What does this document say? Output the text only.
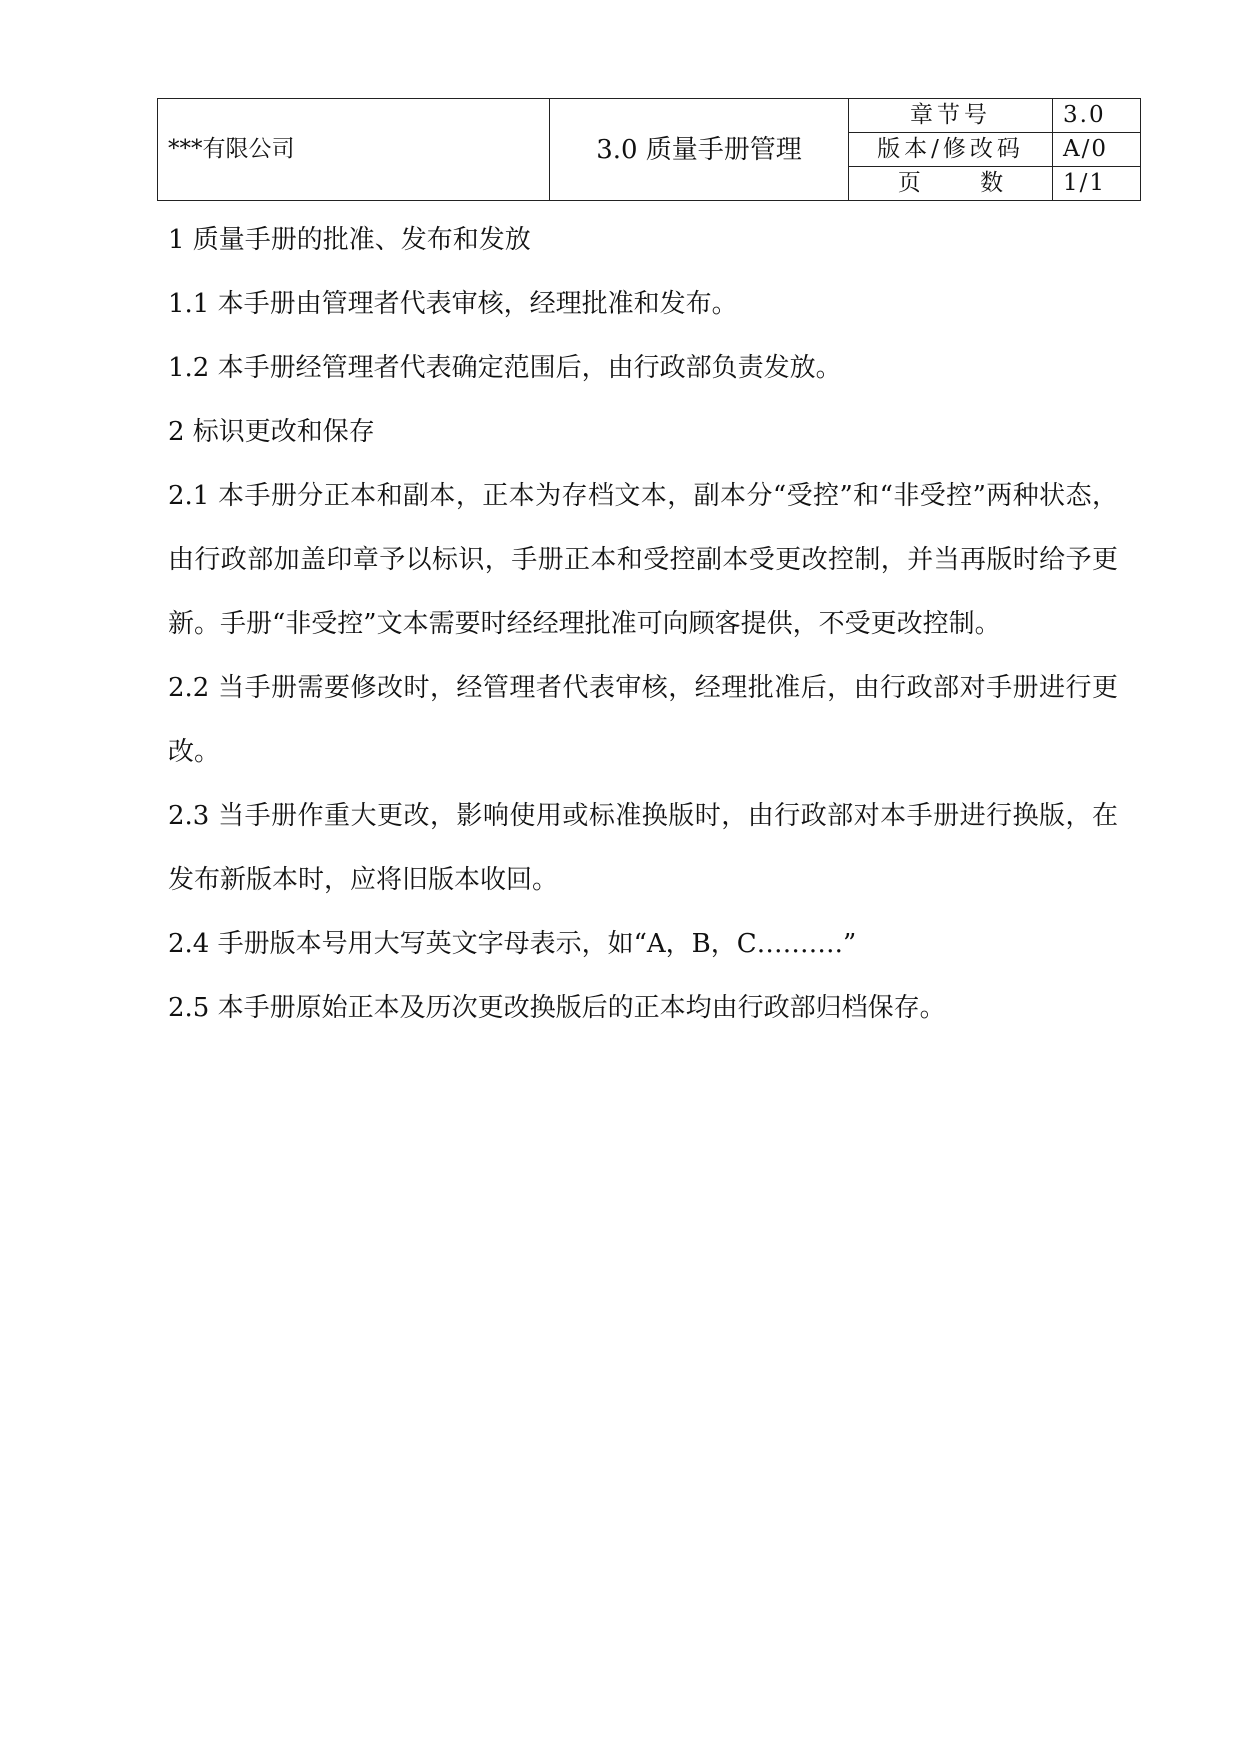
***有限公司	3.0 质量手册管理	章节号	3.0
		版本/修改码	A/0
		页 数	1/1

1 质量手册的批准、发布和发放

1.1 本手册由管理者代表审核，经理批准和发布。

1.2 本手册经管理者代表确定范围后，由行政部负责发放。

2 标识更改和保存

2.1 本手册分正本和副本，正本为存档文本，副本分“受控”和“非受控”两种状态，由行政部加盖印章予以标识，手册正本和受控副本受更改控制，并当再版时给予更新。手册“非受控”文本需要时经经理批准可向顾客提供，不受更改控制。

2.2 当手册需要修改时，经管理者代表审核，经理批准后，由行政部对手册进行更改。

2.3 当手册作重大更改，影响使用或标准换版时，由行政部对本手册进行换版，在发布新版本时，应将旧版本收回。

2.4 手册版本号用大写英文字母表示，如“A，B，C……….”

2.5 本手册原始正本及历次更改换版后的正本均由行政部归档保存。
